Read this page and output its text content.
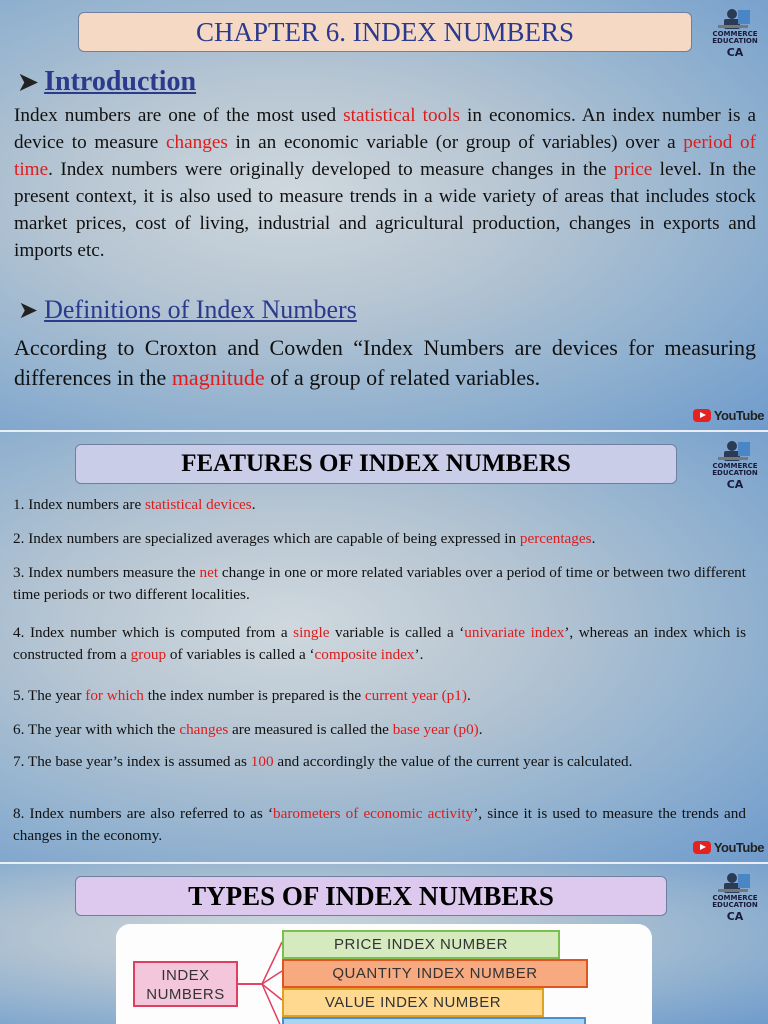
CHAPTER 6. INDEX NUMBERS	COMMERCE
EDUCATION
CA
➤ Introduction
Index numbers are one of the most used statistical tools in economics. An index number is a device to measure changes in an economic variable (or group of variables) over a period of time. Index numbers were originally developed to measure changes in the price level. In the present context, it is also used to measure trends in a wide variety of areas that includes stock market prices, cost of living, industrial and agricultural production, changes in exports and imports etc.
➤ Definitions of Index Numbers
According to Croxton and Cowden “Index Numbers are devices for measuring differences in the magnitude of a group of related variables.
YouTube
FEATURES OF INDEX NUMBERS	COMMERCE
EDUCATION
CA
1. Index numbers are statistical devices.
2. Index numbers are specialized averages which are capable of being expressed in percentages.
3. Index numbers measure the net change in one or more related variables over a period of time or between two different time periods or two different localities.
4. Index number which is computed from a single variable is called a ‘univariate index’, whereas an index which is constructed from a group of variables is called a ‘composite index’.
5. The year for which the index number is prepared is the current year (p1).
6. The year with which the changes are measured is called the base year (p0).
7. The base year’s index is assumed as 100 and accordingly the value of the current year is calculated.
8. Index numbers are also referred to as ‘barometers of economic activity’, since it is used to measure the trends and changes in the economy.
YouTube
TYPES OF INDEX NUMBERS	COMMERCE
EDUCATION
CA
INDEX
NUMBERS
PRICE INDEX NUMBER
QUANTITY INDEX NUMBER
VALUE INDEX NUMBER
